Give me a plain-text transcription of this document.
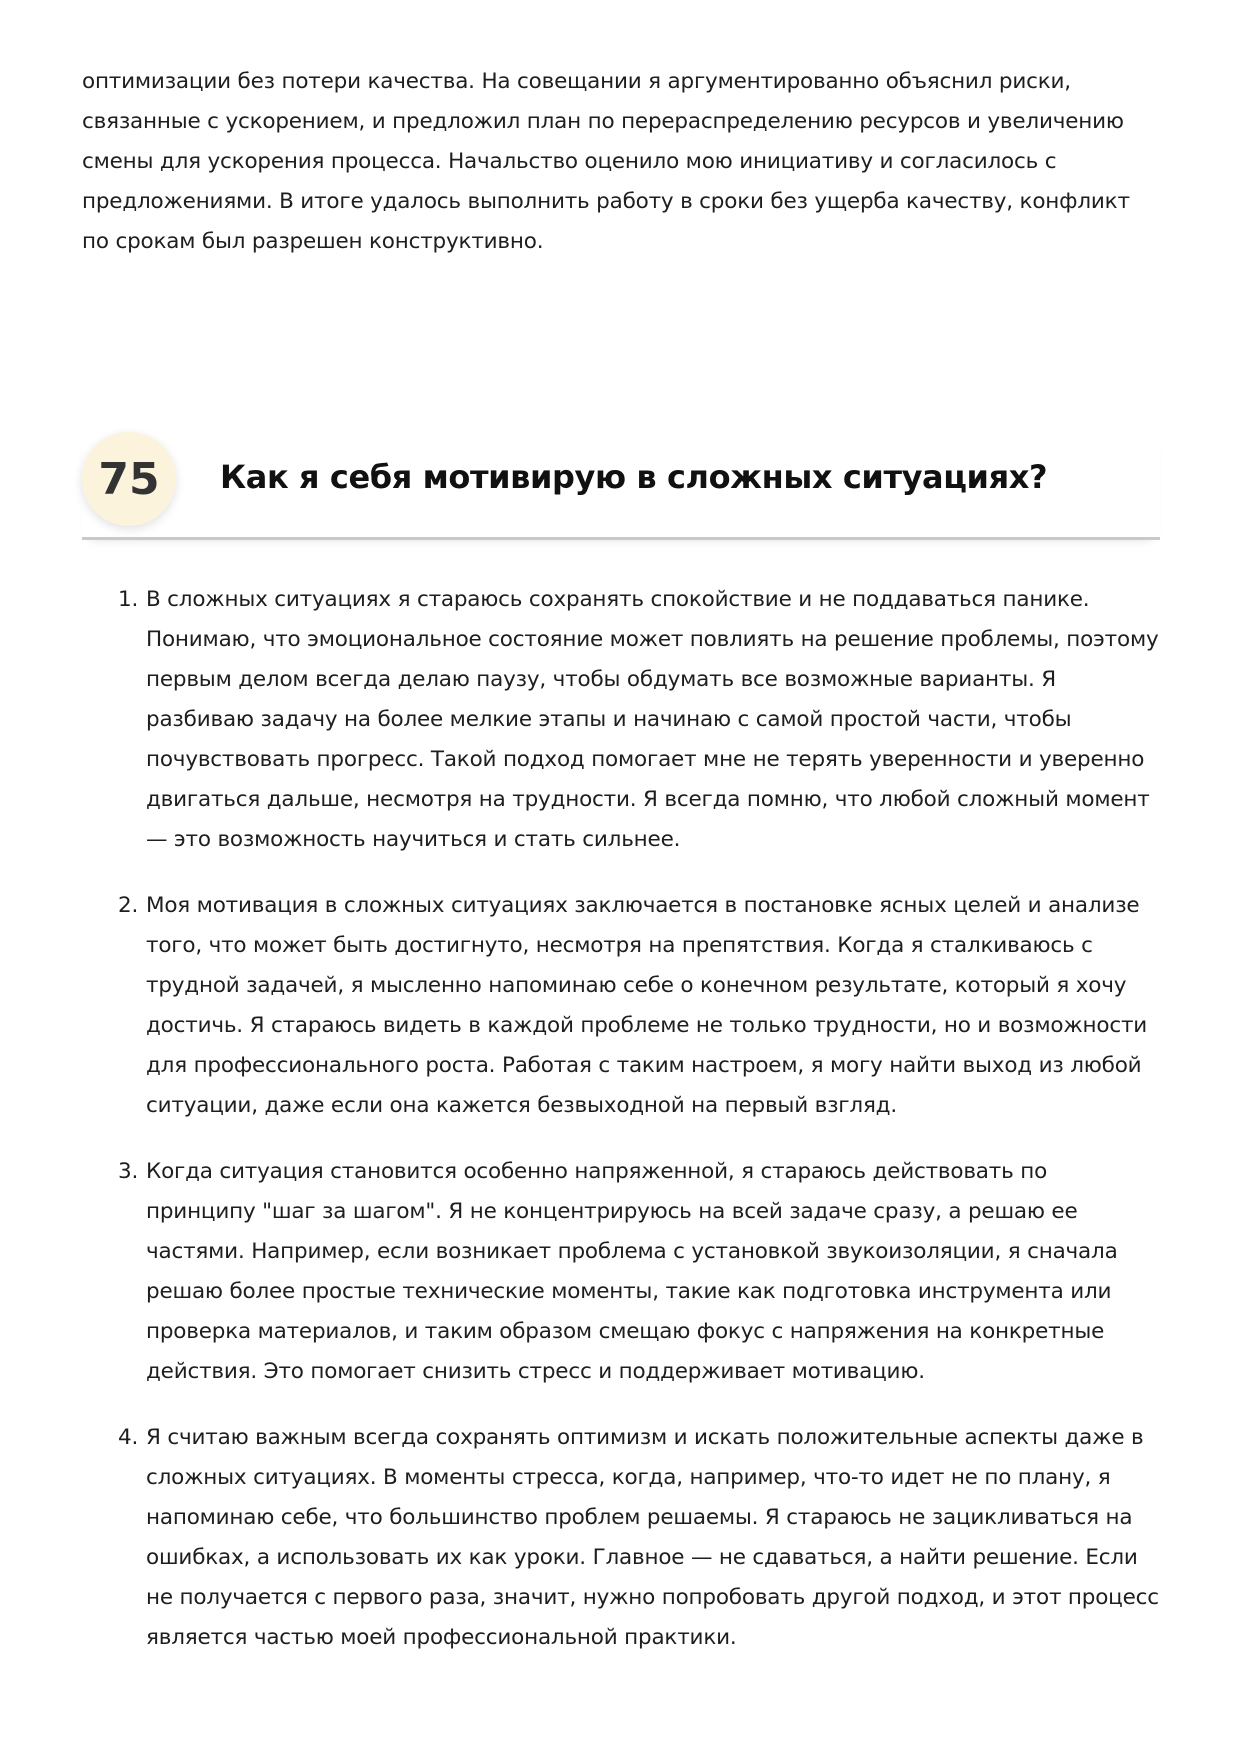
оптимизации без потери качества. На совещании я аргументированно объяснил риски, связанные с ускорением, и предложил план по перераспределению ресурсов и увеличению смены для ускорения процесса. Начальство оценило мою инициативу и согласилось с предложениями. В итоге удалось выполнить работу в сроки без ущерба качеству, конфликт по срокам был разрешен конструктивно.

75	Как я себя мотивирую в сложных ситуациях?
1. В сложных ситуациях я стараюсь сохранять спокойствие и не поддаваться панике. Понимаю, что эмоциональное состояние может повлиять на решение проблемы, поэтому первым делом всегда делаю паузу, чтобы обдумать все возможные варианты. Я разбиваю задачу на более мелкие этапы и начинаю с самой простой части, чтобы почувствовать прогресс. Такой подход помогает мне не терять уверенности и уверенно двигаться дальше, несмотря на трудности. Я всегда помню, что любой сложный момент — это возможность научиться и стать сильнее.
2. Моя мотивация в сложных ситуациях заключается в постановке ясных целей и анализе того, что может быть достигнуто, несмотря на препятствия. Когда я сталкиваюсь с трудной задачей, я мысленно напоминаю себе о конечном результате, который я хочу достичь. Я стараюсь видеть в каждой проблеме не только трудности, но и возможности для профессионального роста. Работая с таким настроем, я могу найти выход из любой ситуации, даже если она кажется безвыходной на первый взгляд.
3. Когда ситуация становится особенно напряженной, я стараюсь действовать по принципу "шаг за шагом". Я не концентрируюсь на всей задаче сразу, а решаю ее частями. Например, если возникает проблема с установкой звукоизоляции, я сначала решаю более простые технические моменты, такие как подготовка инструмента или проверка материалов, и таким образом смещаю фокус с напряжения на конкретные действия. Это помогает снизить стресс и поддерживает мотивацию.
4. Я считаю важным всегда сохранять оптимизм и искать положительные аспекты даже в сложных ситуациях. В моменты стресса, когда, например, что-то идет не по плану, я напоминаю себе, что большинство проблем решаемы. Я стараюсь не зацикливаться на ошибках, а использовать их как уроки. Главное — не сдаваться, а найти решение. Если не получается с первого раза, значит, нужно попробовать другой подход, и этот процесс является частью моей профессиональной практики.
